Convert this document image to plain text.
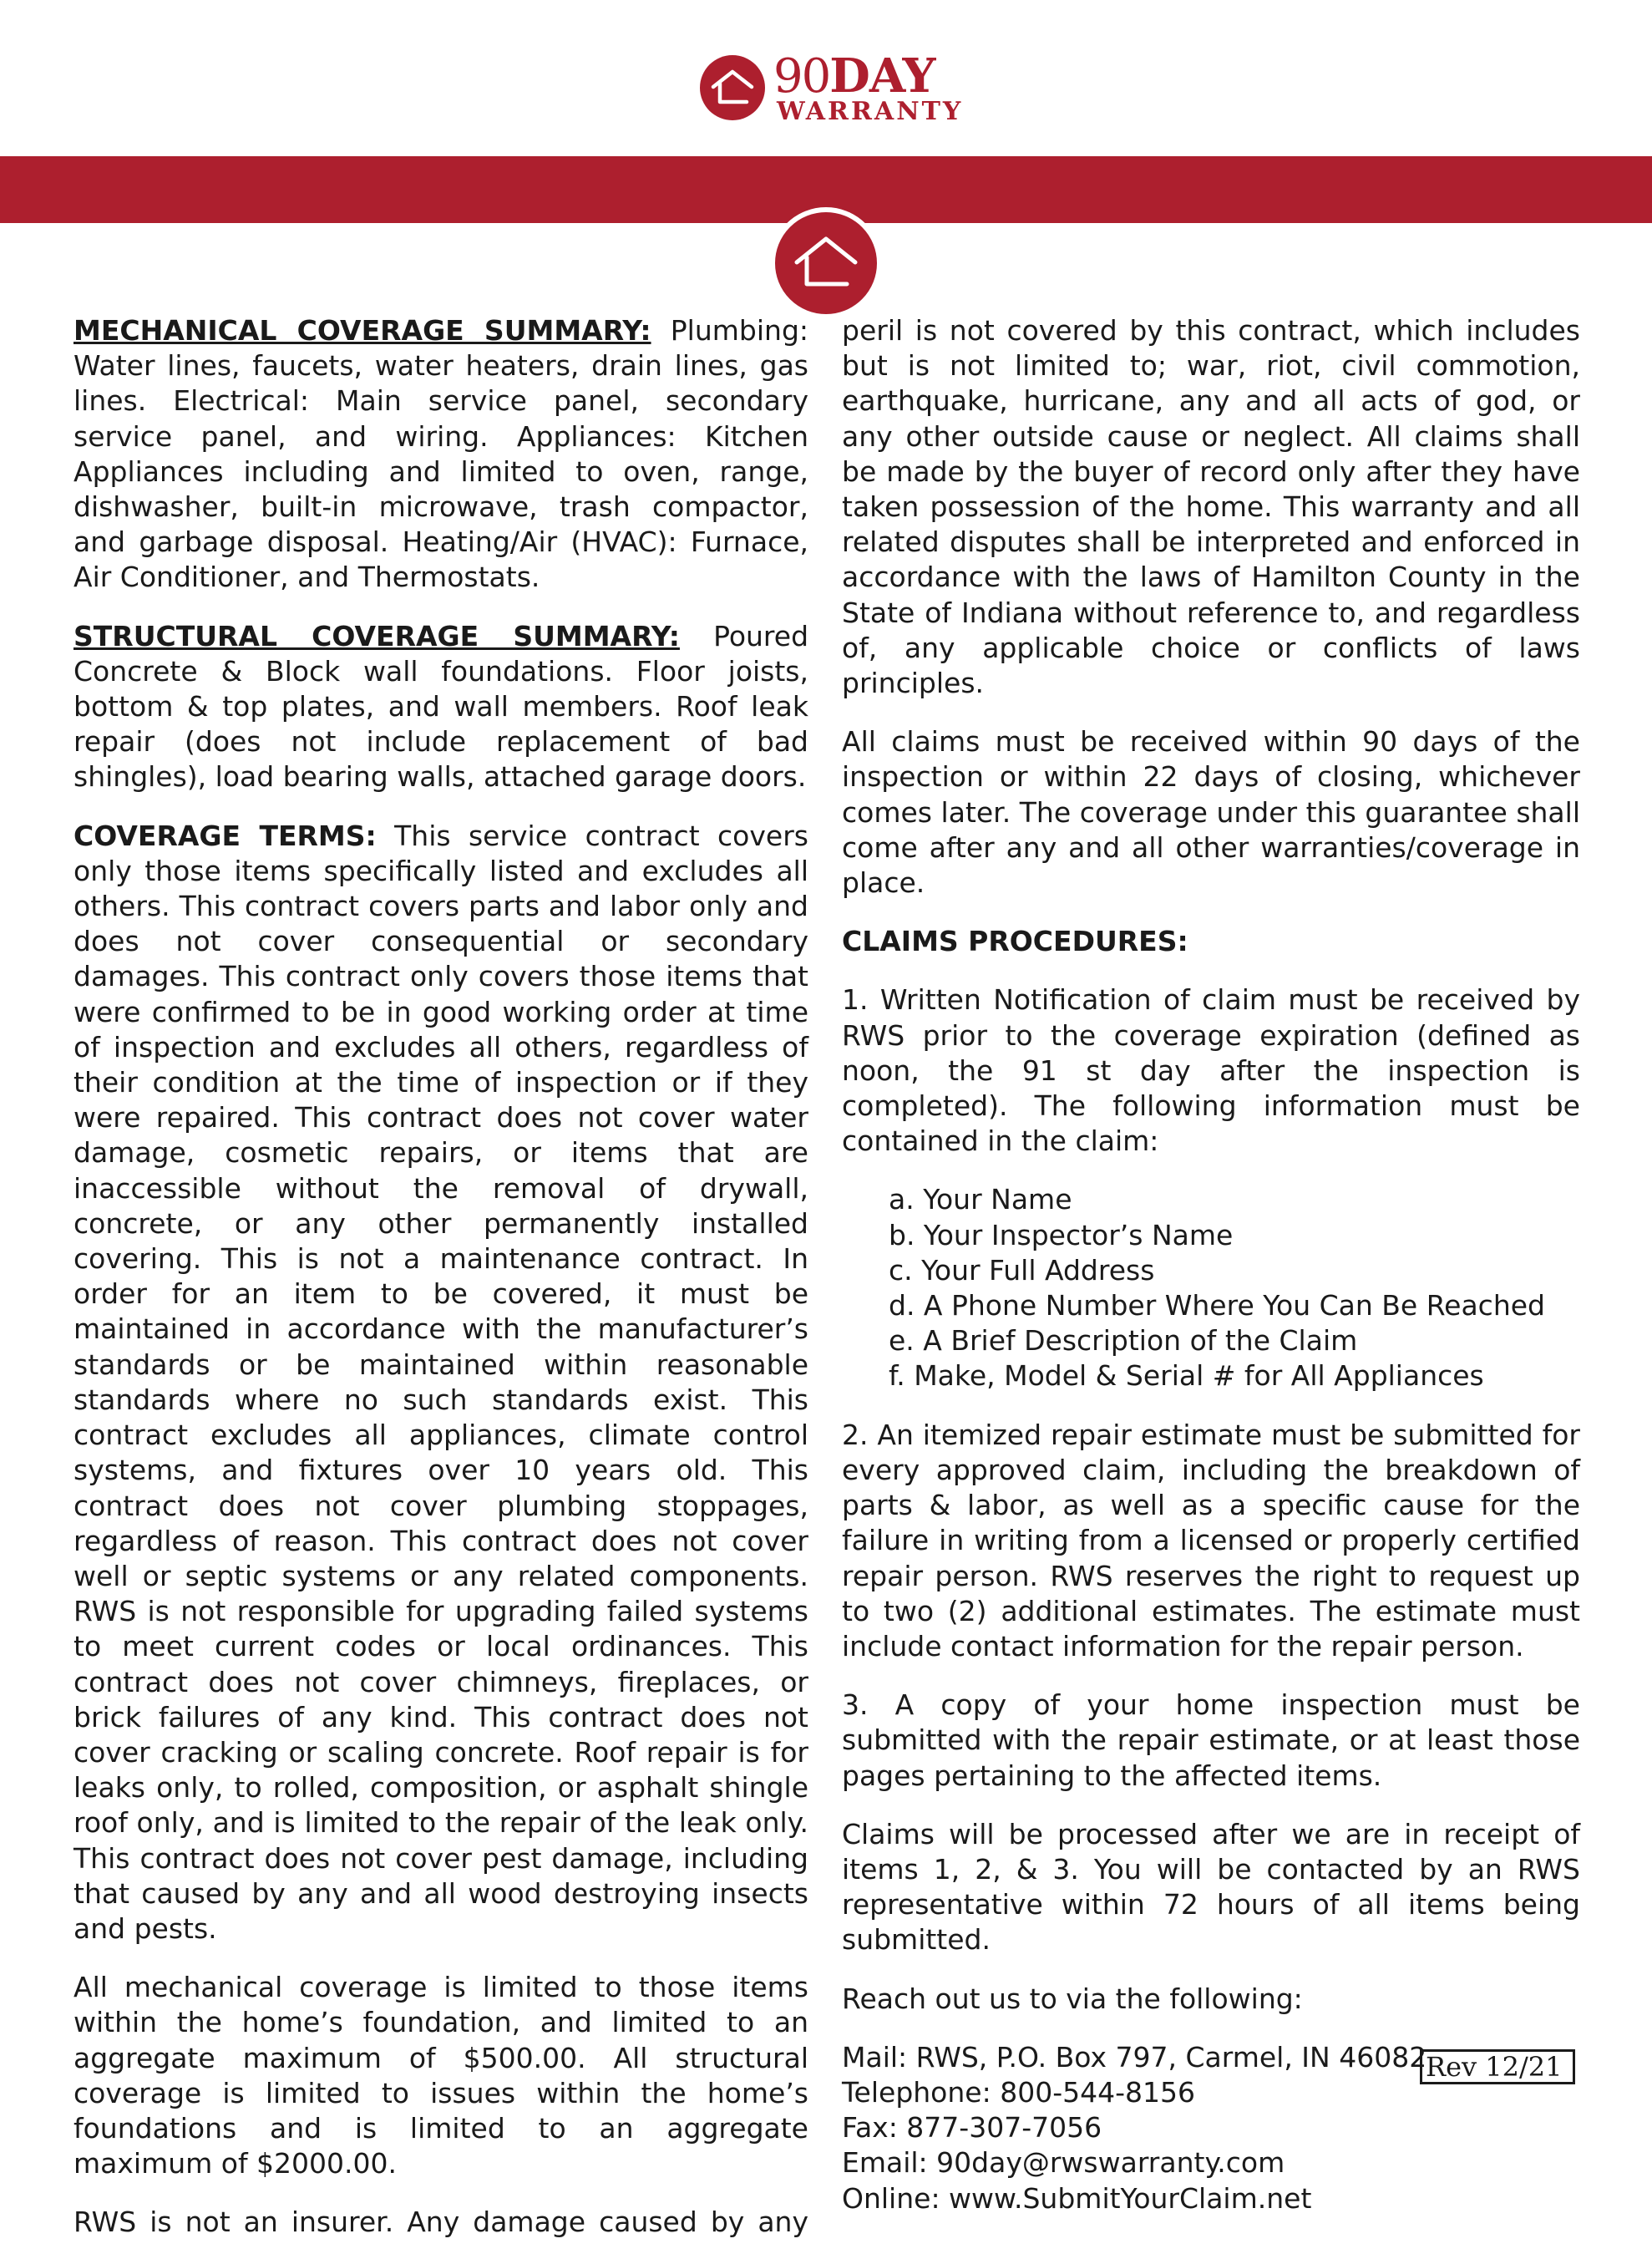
90DAY
WARRANTY

MECHANICAL COVERAGE SUMMARY: Plumbing: Water lines, faucets, water heaters, drain lines, gas lines. Electrical: Main service panel, secondary service panel, and wiring. Appliances: Kitchen Appliances including and limited to oven, range, dishwasher, built-in microwave, trash compactor, and garbage disposal. Heating/Air (HVAC): Furnace, Air Conditioner, and Thermostats.

STRUCTURAL COVERAGE SUMMARY: Poured Concrete & Block wall foundations. Floor joists, bottom & top plates, and wall members. Roof leak repair (does not include replacement of bad shingles), load bearing walls, attached garage doors.

COVERAGE TERMS: This service contract covers only those items specifically listed and excludes all others. This contract covers parts and labor only and does not cover consequential or secondary damages. This contract only covers those items that were confirmed to be in good working order at time of inspection and excludes all others, regardless of their condition at the time of inspection or if they were repaired. This contract does not cover water damage, cosmetic repairs, or items that are inaccessible without the removal of drywall, concrete, or any other permanently installed covering. This is not a maintenance contract. In order for an item to be covered, it must be maintained in accordance with the manufacturer’s standards or be maintained within reasonable standards where no such standards exist. This contract excludes all appliances, climate control systems, and fixtures over 10 years old. This contract does not cover plumbing stoppages, regardless of reason. This contract does not cover well or septic systems or any related components. RWS is not responsible for upgrading failed systems to meet current codes or local ordinances. This contract does not cover chimneys, fireplaces, or brick failures of any kind. This contract does not cover cracking or scaling concrete. Roof repair is for leaks only, to rolled, composition, or asphalt shingle roof only, and is limited to the repair of the leak only. This contract does not cover pest damage, including that caused by any and all wood destroying insects and pests.

All mechanical coverage is limited to those items within the home’s foundation, and limited to an aggregate maximum of $500.00. All structural coverage is limited to issues within the home’s foundations and is limited to an aggregate maximum of $2000.00.

RWS is not an insurer. Any damage caused by any

peril is not covered by this contract, which includes but is not limited to; war, riot, civil commotion, earthquake, hurricane, any and all acts of god, or any other outside cause or neglect. All claims shall be made by the buyer of record only after they have taken possession of the home. This warranty and all related disputes shall be interpreted and enforced in accordance with the laws of Hamilton County in the State of Indiana without reference to, and regardless of, any applicable choice or conflicts of laws principles.

All claims must be received within 90 days of the inspection or within 22 days of closing, whichever comes later. The coverage under this guarantee shall come after any and all other warranties/coverage in place.

CLAIMS PROCEDURES:

1. Written Notification of claim must be received by RWS prior to the coverage expiration (defined as noon, the 91 st day after the inspection is completed). The following information must be contained in the claim:

a. Your Name
b. Your Inspector’s Name
c. Your Full Address
d. A Phone Number Where You Can Be Reached
e. A Brief Description of the Claim
f. Make, Model & Serial # for All Appliances

2. An itemized repair estimate must be submitted for every approved claim, including the breakdown of parts & labor, as well as a specific cause for the failure in writing from a licensed or properly certified repair person. RWS reserves the right to request up to two (2) additional estimates. The estimate must include contact information for the repair person.

3. A copy of your home inspection must be submitted with the repair estimate, or at least those pages pertaining to the affected items.

Claims will be processed after we are in receipt of items 1, 2, & 3. You will be contacted by an RWS representative within 72 hours of all items being submitted.

Reach out us to via the following:

Mail: RWS, P.O. Box 797, Carmel, IN 46082
Telephone: 800-544-8156
Fax: 877-307-7056
Email: 90day@rwswarranty.com
Online: www.SubmitYourClaim.net
Rev 12/21
